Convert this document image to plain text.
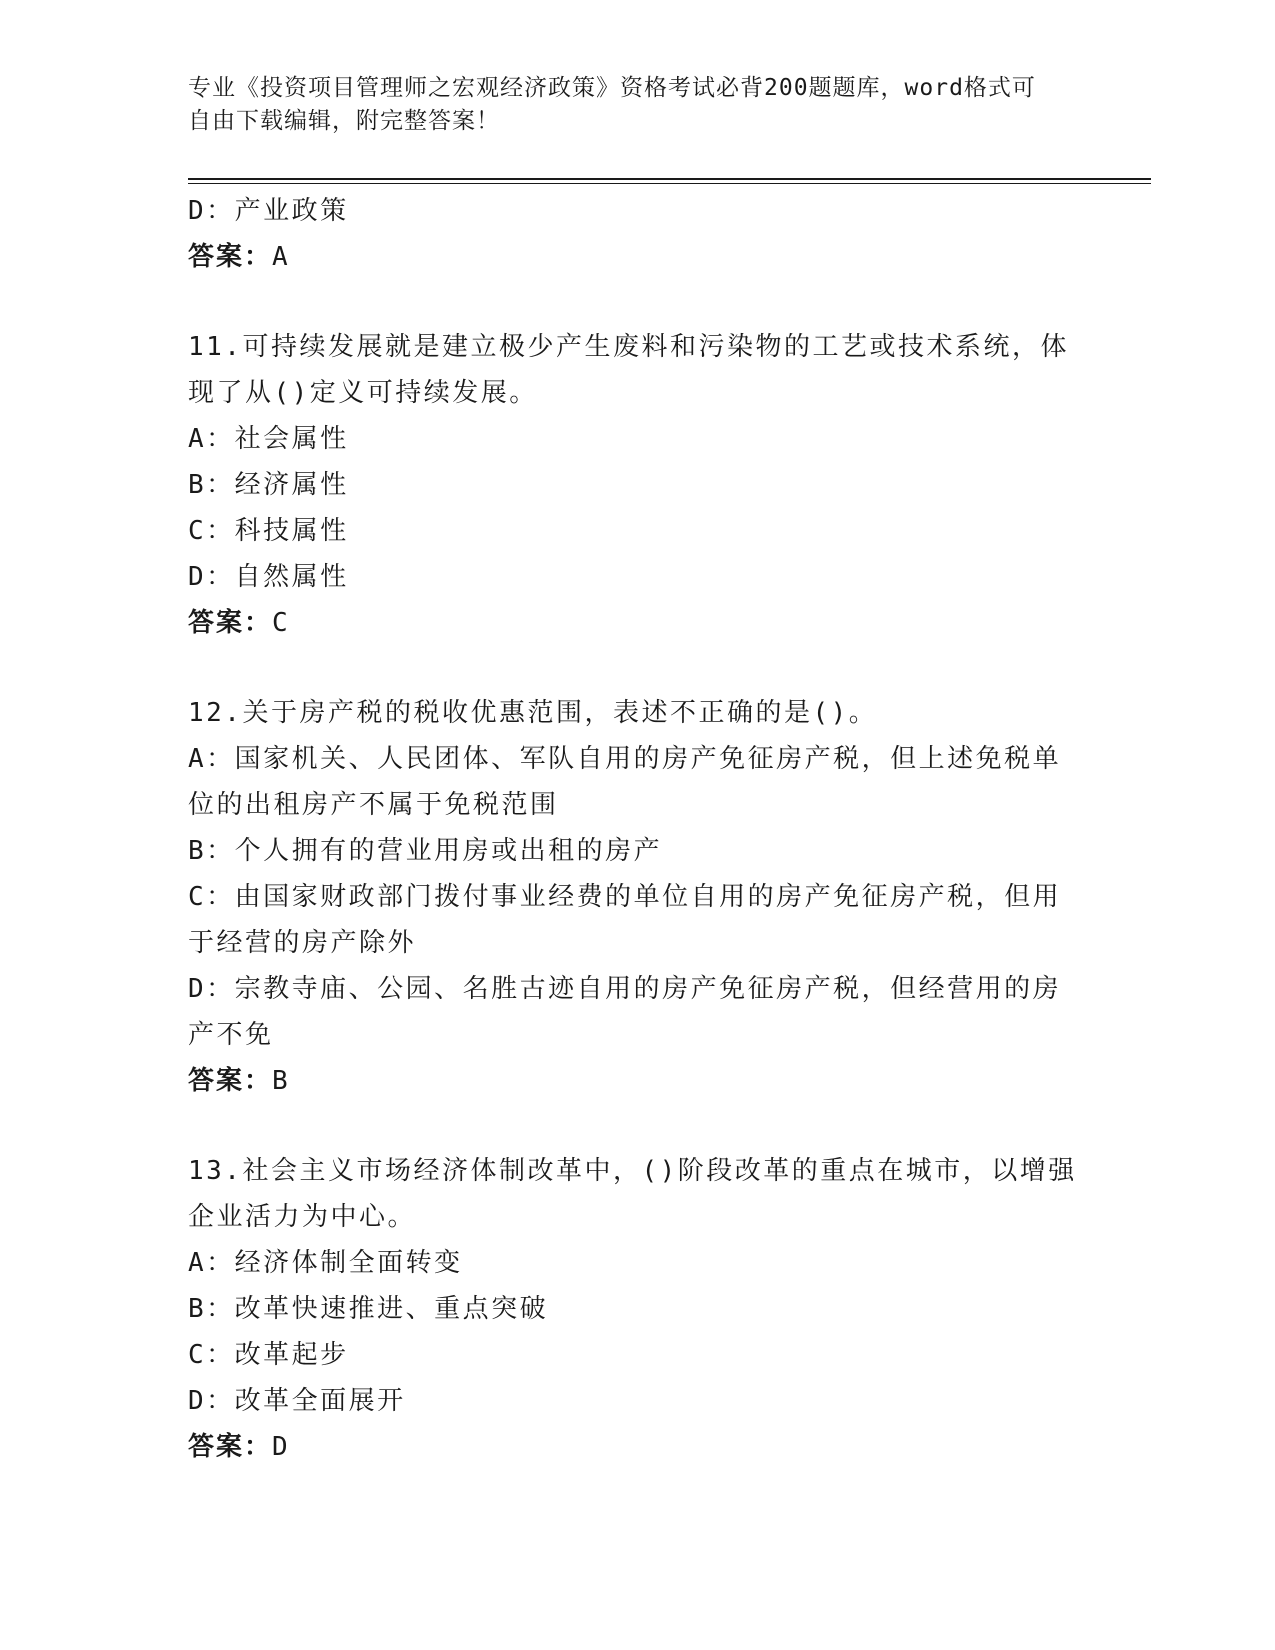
专业《投资项目管理师之宏观经济政策》资格考试必背200题题库，word格式可
自由下载编辑，附完整答案！
D：产业政策
答案：A
11.可持续发展就是建立极少产生废料和污染物的工艺或技术系统，体
现了从()定义可持续发展。
A：社会属性
B：经济属性
C：科技属性
D：自然属性
答案：C
12.关于房产税的税收优惠范围，表述不正确的是()。
A：国家机关、人民团体、军队自用的房产免征房产税，但上述免税单
位的出租房产不属于免税范围
B：个人拥有的营业用房或出租的房产
C：由国家财政部门拨付事业经费的单位自用的房产免征房产税，但用
于经营的房产除外
D：宗教寺庙、公园、名胜古迹自用的房产免征房产税，但经营用的房
产不免
答案：B
13.社会主义市场经济体制改革中，()阶段改革的重点在城市，以增强
企业活力为中心。
A：经济体制全面转变
B：改革快速推进、重点突破
C：改革起步
D：改革全面展开
答案：D
